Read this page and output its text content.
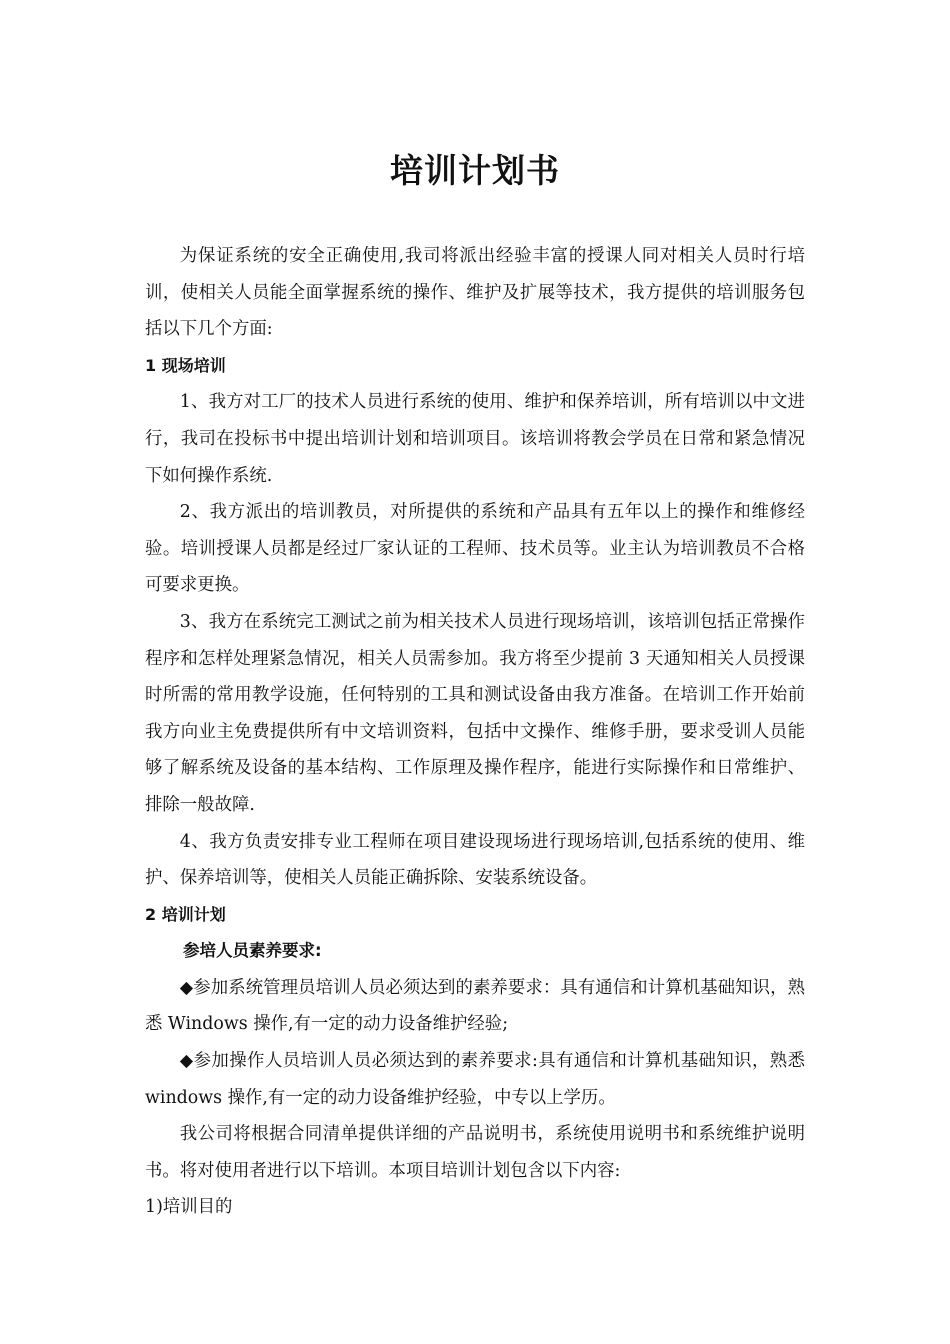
培训计划书

为保证系统的安全正确使用,我司将派出经验丰富的授课人同对相关人员时行培训，使相关人员能全面掌握系统的操作、维护及扩展等技术，我方提供的培训服务包括以下几个方面:

1 现场培训

1、我方对工厂的技术人员进行系统的使用、维护和保养培训，所有培训以中文进行，我司在投标书中提出培训计划和培训项目。该培训将教会学员在日常和紧急情况下如何操作系统.

2、我方派出的培训教员，对所提供的系统和产品具有五年以上的操作和维修经验。培训授课人员都是经过厂家认证的工程师、技术员等。业主认为培训教员不合格可要求更换。

3、我方在系统完工测试之前为相关技术人员进行现场培训，该培训包括正常操作程序和怎样处理紧急情况，相关人员需参加。我方将至少提前 3 天通知相关人员授课时所需的常用教学设施，任何特别的工具和测试设备由我方准备。在培训工作开始前我方向业主免费提供所有中文培训资料，包括中文操作、维修手册，要求受训人员能够了解系统及设备的基本结构、工作原理及操作程序，能进行实际操作和日常维护、排除一般故障.

4、我方负责安排专业工程师在项目建设现场进行现场培训,包括系统的使用、维护、保养培训等，使相关人员能正确拆除、安装系统设备。

2 培训计划

参培人员素养要求:

◆参加系统管理员培训人员必须达到的素养要求：具有通信和计算机基础知识，熟悉 Windows 操作,有一定的动力设备维护经验;

◆参加操作人员培训人员必须达到的素养要求:具有通信和计算机基础知识，熟悉 windows 操作,有一定的动力设备维护经验，中专以上学历。

我公司将根据合同清单提供详细的产品说明书，系统使用说明书和系统维护说明书。将对使用者进行以下培训。本项目培训计划包含以下内容:

1)培训目的
